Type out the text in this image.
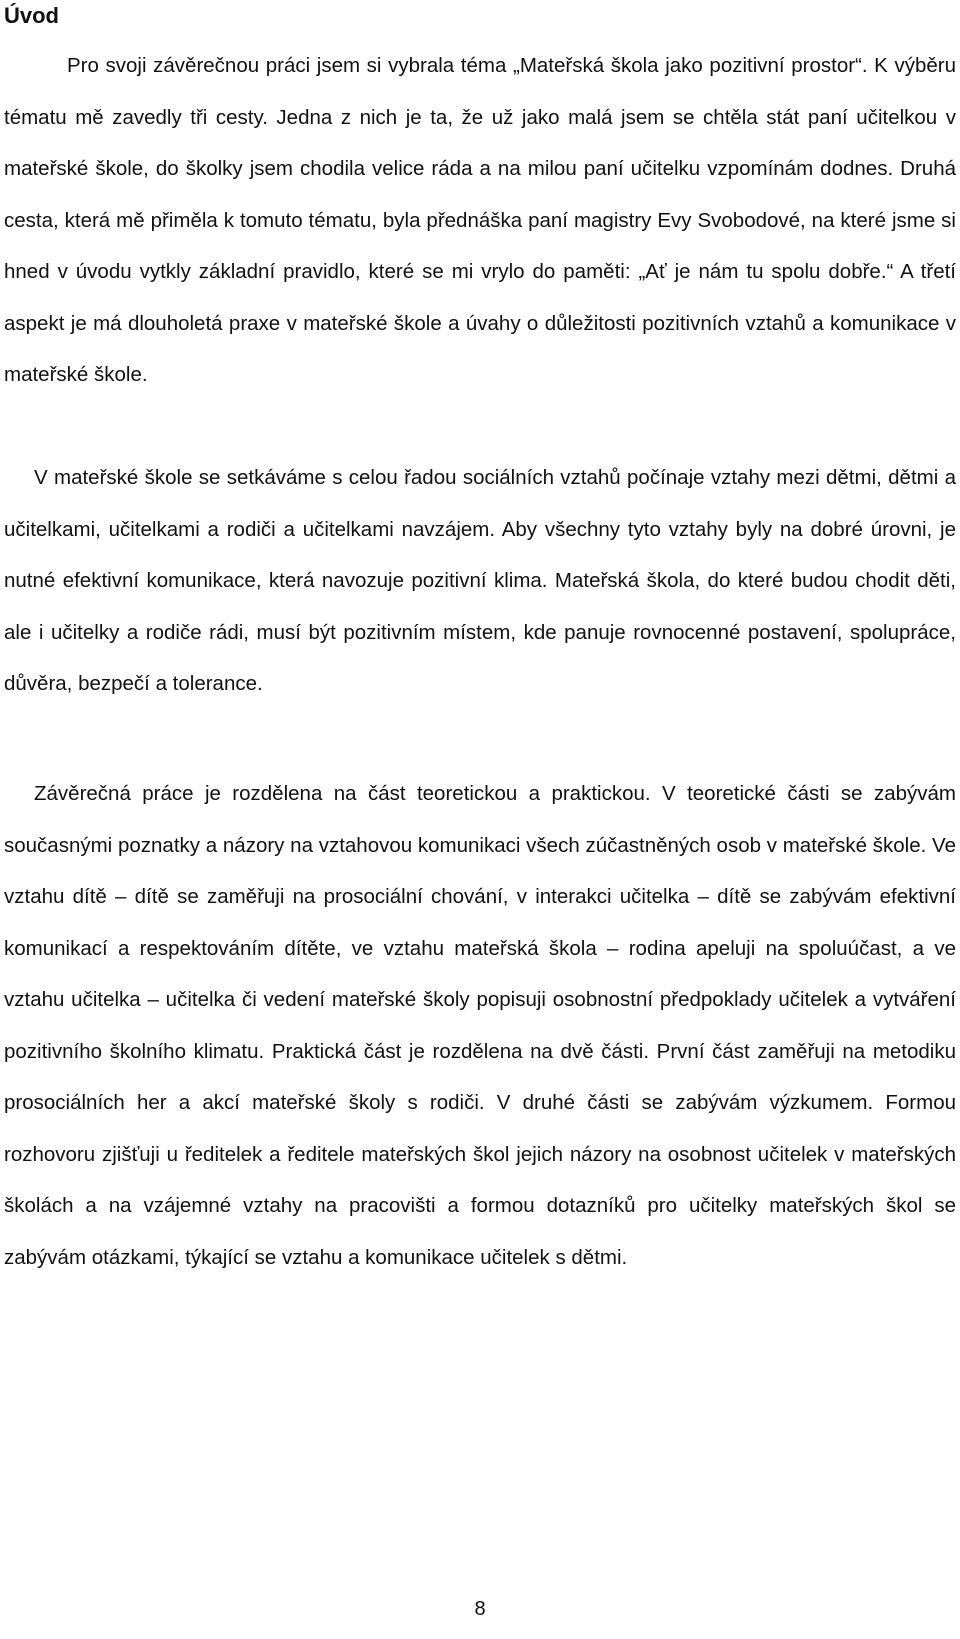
Úvod

Pro svoji závěrečnou práci jsem si vybrala téma „Mateřská škola jako pozitivní prostor“. K výběru tématu mě zavedly tři cesty. Jedna z nich je ta, že už jako malá jsem se chtěla stát paní učitelkou v mateřské škole, do školky jsem chodila velice ráda a na milou paní učitelku vzpomínám dodnes. Druhá cesta, která mě přiměla k tomuto tématu, byla přednáška paní magistry Evy Svobodové, na které jsme si hned v úvodu vytkly základní pravidlo, které se mi vrylo do paměti: „Ať je nám tu spolu dobře.“ A třetí aspekt je má dlouholetá praxe v mateřské škole a úvahy o důležitosti pozitivních vztahů a komunikace v mateřské škole.

V mateřské škole se setkáváme s celou řadou sociálních vztahů počínaje vztahy mezi dětmi, dětmi a učitelkami, učitelkami a rodiči a učitelkami navzájem. Aby všechny tyto vztahy byly na dobré úrovni, je nutné efektivní komunikace, která navozuje pozitivní klima. Mateřská škola, do které budou chodit děti, ale i učitelky a rodiče rádi, musí být pozitivním místem, kde panuje rovnocenné postavení, spolupráce, důvěra, bezpečí a tolerance.

Závěrečná práce je rozdělena na část teoretickou a praktickou. V teoretické části se zabývám současnými poznatky a názory na vztahovou komunikaci všech zúčastněných osob v mateřské škole. Ve vztahu dítě – dítě se zaměřuji na prosociální chování, v interakci učitelka – dítě se zabývám efektivní komunikací a respektováním dítěte, ve vztahu mateřská škola – rodina apeluji na spoluúčast, a ve vztahu učitelka – učitelka či vedení mateřské školy popisuji osobnostní předpoklady učitelek a vytváření pozitivního školního klimatu. Praktická část je rozdělena na dvě části. První část zaměřuji na metodiku prosociálních her a akcí mateřské školy s rodiči. V druhé části se zabývám výzkumem. Formou rozhovoru zjišťuji u ředitelek a ředitele mateřských škol jejich názory na osobnost učitelek v mateřských školách a na vzájemné vztahy na pracovišti a formou dotazníků pro učitelky mateřských škol se zabývám otázkami, týkající se vztahu a komunikace učitelek s dětmi.

8
